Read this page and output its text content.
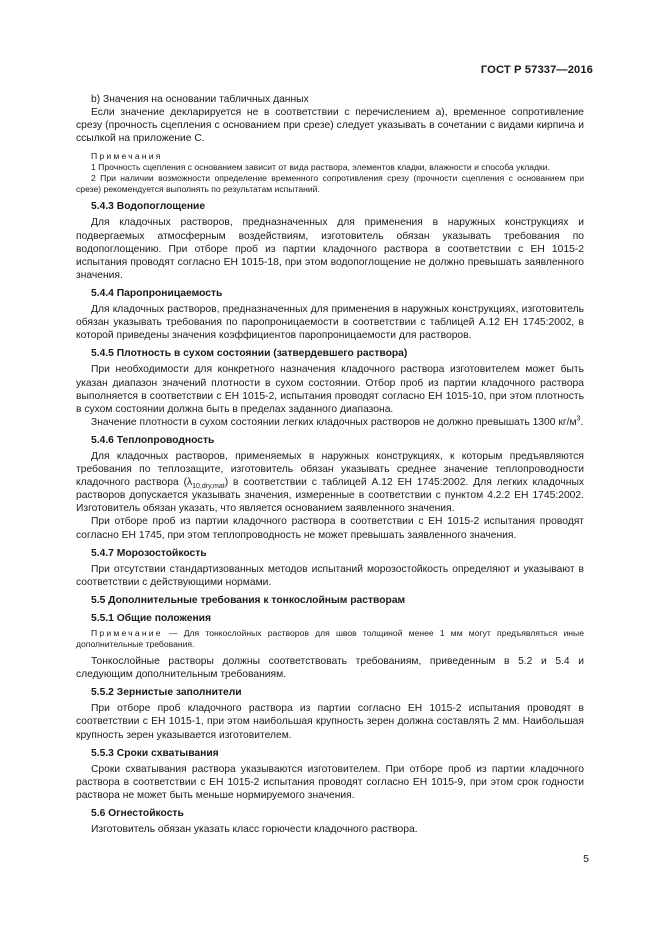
ГОСТ Р 57337—2016

b) Значения на основании табличных данных

Если значение декларируется не в соответствии с перечислением а), временное сопротивление срезу (прочность сцепления с основанием при срезе) следует указывать в сочетании с видами кирпича и ссылкой на приложение С.

Примечания

1 Прочность сцепления с основанием зависит от вида раствора, элементов кладки, влажности и способа укладки.

2 При наличии возможности определение временного сопротивления срезу (прочности сцепления с основанием при срезе) рекомендуется выполнять по результатам испытаний.

5.4.3 Водопоглощение

Для кладочных растворов, предназначенных для применения в наружных конструкциях и подвергаемых атмосферным воздействиям, изготовитель обязан указывать требования по водопоглощению. При отборе проб из партии кладочного раствора в соответствии с ЕН 1015-2 испытания проводят согласно ЕН 1015-18, при этом водопоглощение не должно превышать заявленного значения.

5.4.4 Паропроницаемость

Для кладочных растворов, предназначенных для применения в наружных конструкциях, изготовитель обязан указывать требования по паропроницаемости в соответствии с таблицей А.12 ЕН 1745:2002, в которой приведены значения коэффициентов паропроницаемости для растворов.

5.4.5 Плотность в сухом состоянии (затвердевшего раствора)

При необходимости для конкретного назначения кладочного раствора изготовителем может быть указан диапазон значений плотности в сухом состоянии. Отбор проб из партии кладочного раствора выполняется в соответствии с ЕН 1015-2, испытания проводят согласно ЕН 1015-10, при этом плотность в сухом состоянии должна быть в пределах заданного диапазона.

Значение плотности в сухом состоянии легких кладочных растворов не должно превышать 1300 $кг/м^3$.

5.4.6 Теплопроводность

Для кладочных растворов, применяемых в наружных конструкциях, к которым предъявляются требования по теплозащите, изготовитель обязан указывать среднее значение теплопроводности кладочного раствора $(\lambda_{10,dry,mat})$ в соответствии с таблицей А.12 ЕН 1745:2002. Для легких кладочных растворов допускается указывать значения, измеренные в соответствии с пунктом 4.2.2 ЕН 1745:2002. Изготовитель обязан указать, что является основанием заявленного значения.

При отборе проб из партии кладочного раствора в соответствии с ЕН 1015-2 испытания проводят согласно ЕН 1745, при этом теплопроводность не может превышать заявленного значения.

5.4.7 Морозостойкость

При отсутствии стандартизованных методов испытаний морозостойкость определяют и указывают в соответствии с действующими нормами.

5.5 Дополнительные требования к тонкослойным растворам

5.5.1 Общие положения

Примечание — Для тонкослойных растворов для швов толщиной менее 1 мм могут предъявляться иные дополнительные требования.

Тонкослойные растворы должны соответствовать требованиям, приведенным в 5.2 и 5.4 и следующим дополнительным требованиям.

5.5.2 Зернистые заполнители

При отборе проб кладочного раствора из партии согласно ЕН 1015-2 испытания проводят в соответствии с ЕН 1015-1, при этом наибольшая крупность зерен должна составлять 2 мм. Наибольшая крупность зерен указывается изготовителем.

5.5.3 Сроки схватывания

Сроки схватывания раствора указываются изготовителем. При отборе проб из партии кладочного раствора в соответствии с ЕН 1015-2 испытания проводят согласно ЕН 1015-9, при этом срок годности раствора не может быть меньше нормируемого значения.

5.6 Огнестойкость

Изготовитель обязан указать класс горючести кладочного раствора.

5
